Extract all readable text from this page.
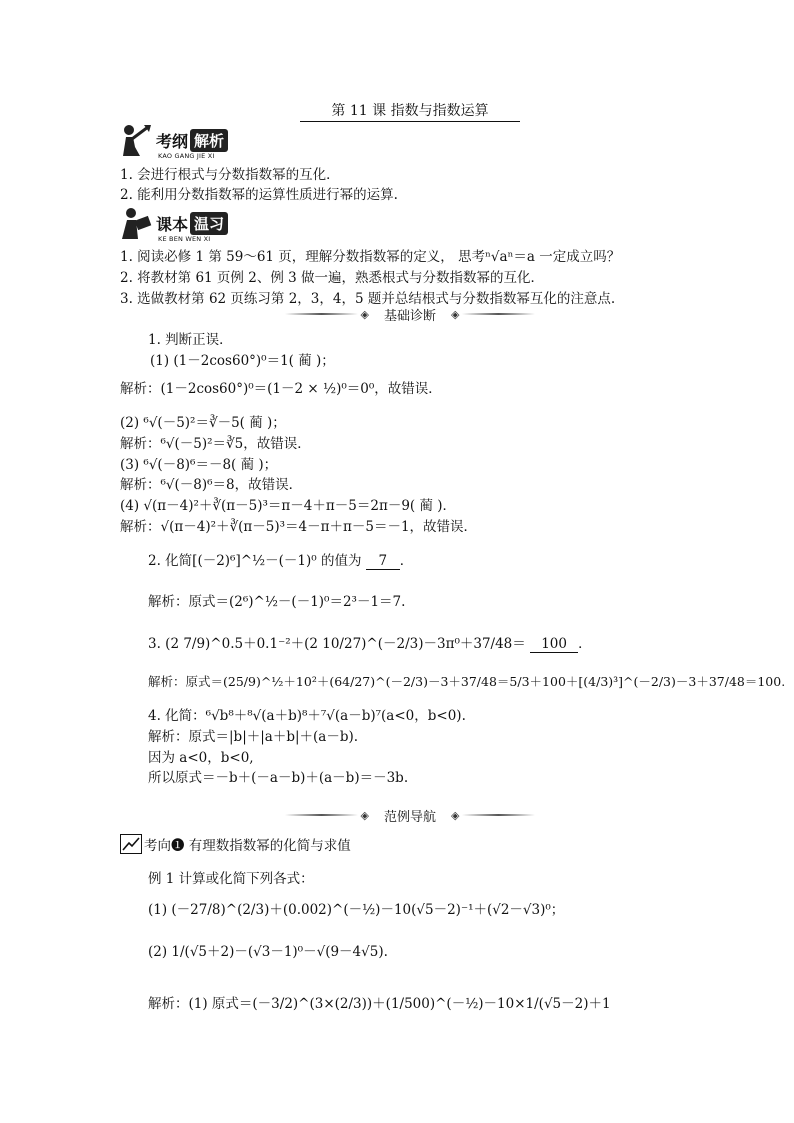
第 11 课 指数与指数运算
考纲 解析
KAO GANG JIE XI
1. 会进行根式与分数指数幂的互化．
2. 能利用分数指数幂的运算性质进行幂的运算.
课本 温习
KE BEN WEN XI
1. 阅读必修 1 第 59～61 页，理解分数指数幂的定义， 思考ⁿ√aⁿ＝a 一定成立吗？
2. 将教材第 61 页例 2、例 3 做一遍，熟悉根式与分数指数幂的互化．
3. 选做教材第 62 页练习第 2，3，4，5 题并总结根式与分数指数幂互化的注意点.
◈	基础诊断	◈
1. 判断正误．
(1) (1－2cos60°)⁰＝1( 蔺 )；
解析：(1－2cos60°)⁰＝(1－2 × ½)⁰＝0⁰，故错误．
(2) ⁶√(－5)²＝∛－5( 蔺 )；
解析：⁶√(－5)²＝∛5，故错误．
(3) ⁶√(－8)⁶＝－8( 蔺 )；
解析：⁶√(－8)⁶＝8，故错误．
(4) √(π－4)²＋∛(π－5)³＝π－4＋π－5＝2π－9( 蔺 )．
解析：√(π－4)²＋∛(π－5)³＝4－π＋π－5＝－1，故错误．
2. 化简[(－2)⁶]^½－(－1)⁰ 的值为 7 ．
解析：原式＝(2⁶)^½－(－1)⁰＝2³－1＝7.
3. (2 7/9)^0.5＋0.1⁻²＋(2 10/27)^(－2/3)－3π⁰＋37/48＝ 100 ．
解析：原式＝(25/9)^½＋10²＋(64/27)^(－2/3)－3＋37/48＝5/3＋100＋[(4/3)³]^(－2/3)－3＋37/48＝100.
4. 化简：⁶√b⁸＋⁸√(a＋b)⁸＋⁷√(a－b)⁷(a<0，b<0).
解析：原式＝|b|＋|a＋b|＋(a－b).
因为 a<0，b<0,
所以原式＝－b＋(－a－b)＋(a－b)＝－3b.
◈	范例导航	◈
考向❶ 有理数指数幂的化简与求值
例 1 计算或化简下列各式：
(1) (－27/8)^(2/3)＋(0.002)^(－½)－10(√5－2)⁻¹＋(√2－√3)⁰；
(2) 1/(√5＋2)－(√3－1)⁰－√(9－4√5).
解析：(1) 原式＝(－3/2)^(3×(2/3))＋(1/500)^(－½)－10×1/(√5－2)＋1
